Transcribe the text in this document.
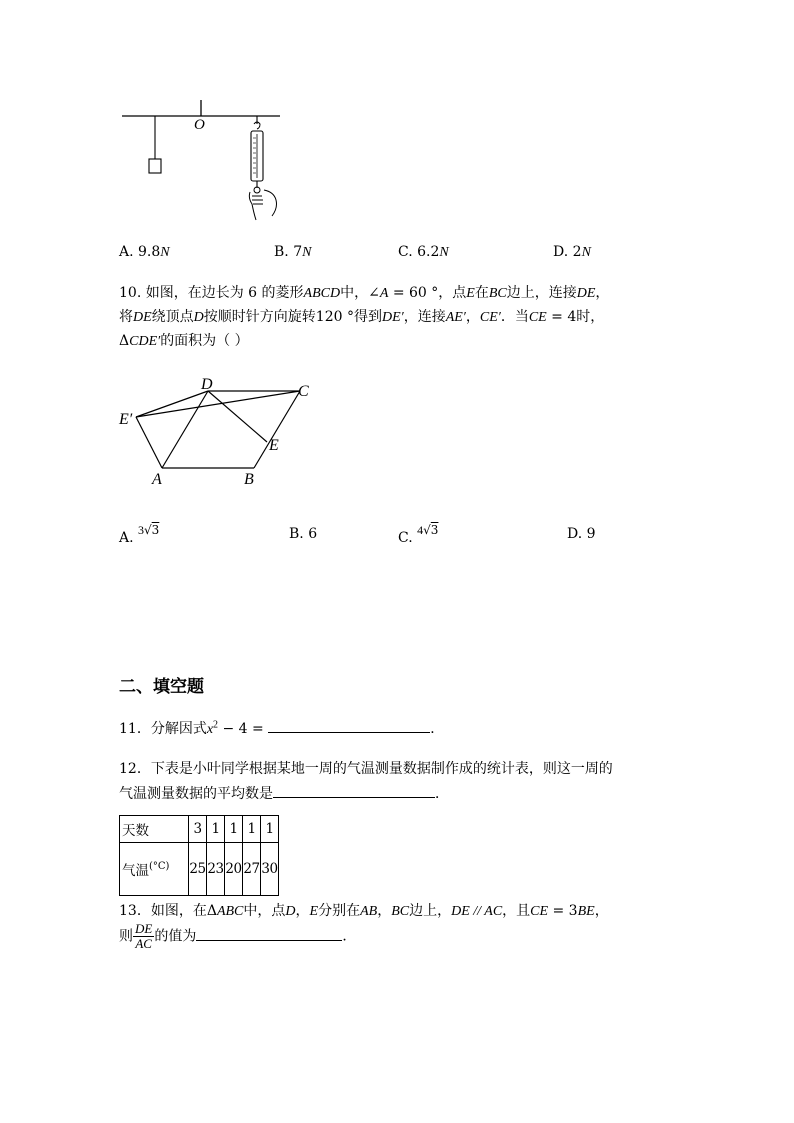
O
A. 9.8N	B. 7N	C. 6.2N	D. 2N
10. 如图，在边长为 6 的菱形ABCD中，∠A = 60 °，点E在BC边上，连接DE，
将DE绕顶点D按顺时针方向旋转120 °得到DE′，连接AE′，CE′．当CE = 4时，
ΔCDE′的面积为（ ）
D	C
E′
E
A	B
A. 3√3	B. 6	C. 4√3	D. 9
二、填空题
11．分解因式$x^2 - 4$ =	．
12．下表是小叶同学根据某地一周的气温测量数据制作成的统计表，则这一周的
气温测量数据的平均数是	．
天数	3	1	1	1	1
气温$^{(^\circ C)}$	25	23	20	27	30
13．如图，在ΔABC中，点D，E分别在AB，BC边上，DE // AC，且CE = 3BE，
则 $\frac{DE}{AC}$ 的值为	．
